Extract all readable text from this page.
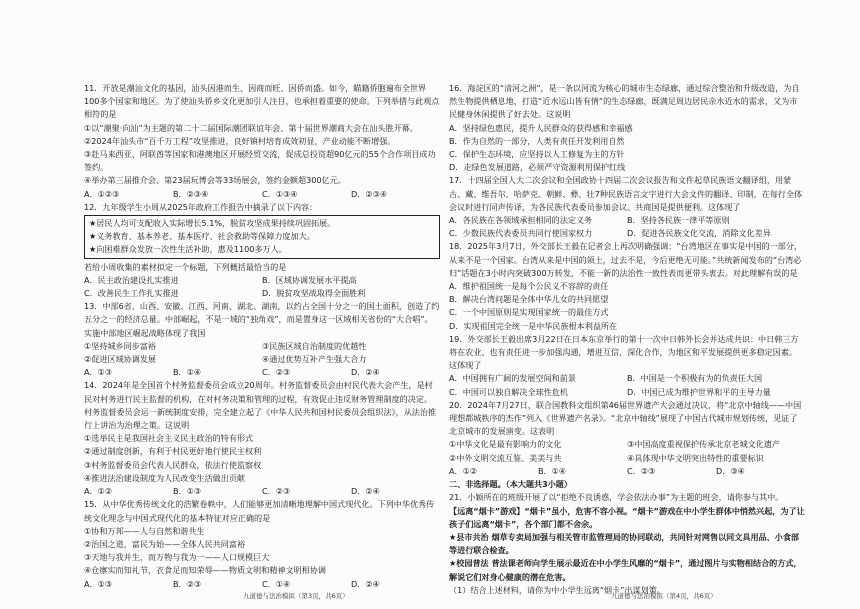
11．开放是潮汕文化的基因，汕头因港而生、因商而旺、因侨而盛。如今，瞄籍侨胞遍布全世界100多个国家和地区。为了使汕头侨乡文化更加引人注目，也承担着重要的使命。下列举措与此观点相符的是
①以“潮聚·向汕”为主题的第二十二届国际潮团联谊年会、第十届世界潮商大会在汕头胜开幕。
②2024年汕头市“百千万工程”攻坚推进，良好镇村培育成效初显，产业动能不断增强。
③赴马来西亚、阿联酋等国家和港澳地区开展经贸交流，促成总投资超90亿元的55个合作项目成功签约。
④举办第三届推介会、第23届玩博会等33场展会，签约金额超300亿元。
A．①②③	B．②③④	C．①③④	D．②③④
12．九年级学生小周从2025年政府工作报告中摘录了以下内容：
★居民人均可支配收入实际增长5.1%，脱贫攻坚成果持续巩固拓展。
★义务教育、基本养老、基本医疗、社会救助等保障力度加大。
★向困难群众发放一次性生活补助，惠及1100多万人。
若给小周收集的素材拟定一个标题，下列概括最恰当的是
A．民主政治建设扎实推进	B．区域协调发展水平提高
C．改善民生工作扎实推进	D．脱贫攻坚战取得全面胜利
13．中部6省，山西、安徽、江西、河南、湖北、湖南，以约占全国十分之一的国土面积，创造了约五分之一的经济总量。中部崛起，不是一域的“独角戏”，而是置身这一区域相关省份的“大合唱”。实施中部地区崛起战略体现了我国
①坚持城乡同步富裕	③民族区域自治制度的优越性
②促进区域协调发展	④通过优势互补产生强大合力
A．①③	B．①④	C．②③	D．②④
14．2024年是全国首个村务监督委员会成立20周年。村务监督委员会由村民代表大会产生，是村民对村务进行民主监督的机构，在对村务决策和管理的过程，有效促止违反财务管理制度的决定。村务监督委员会运一新统制度安排，完全建立起了《中华人民共和国村民委员会组织法》，从法治推行上讲治为治理之策。这说明
①选举民主是我国社会主义民主政治的特有形式
②通过制度创新，有利于村民更好地行使民主权利
③村务监督委员会代表人民群众，依法行使监察权
④推进法治建设制度为人民改变生活做出贡献
A．①②	B．①③	C．②③	D．②④
15．从中华优秀传统文化的浩繁卷帙中，人们能够更加清晰地理解中国式现代化。下列中华优秀传统文化理念与中国式现代化的基本特征对应正确的是
①协和万邦——人与自然和谐共生
②治国之道，富民为始——全体人民共同富裕
③天地与我并生，而万物与我为一——人口规模巨大
④仓廪实而知礼节，衣食足而知荣辱——物质文明和精神文明相协调
A．①③	B．②③	C．①④	D．②④
16．海淀区的“清河之洲”，是一条以河流为核心的城市生态绿廊，通过综合整治和升级改造，为自然生物提供栖息地，打造“近水远山皆有情”的生态绿廊，既满足周边居民亲水近水的需求，又为市民健身休闲提供了好去处。这说明
A．坚持绿色惠民，提升人民群众的获得感和幸福感
B．作为自然的一部分，人类有责任开发利用自然
C．保护生态环境，应坚持以人工修复为主的方针
D．走绿色发展道路，必须严守资源利用保护红线
17．十四届全国人大二次会议和全国政协十四届二次会议报告和文件起草民族语文翻译组，用蒙古、藏、维吾尔、哈萨克、朝鲜、彝、壮7种民族语言文字进行大会文件的翻译、印制，在每行全体会议时进行同声传译，为各民族代表委员参加会议、共商国是提供便利。这体现了
A．各民族在各领域承担相同的法定义务	B．坚持各民族一律平等原则
C．少数民族代表委员共同行使国家权力	D．促进各民族文化交流，消除文化差异
18．2025年3月7日，外交部长王毅在记者会上再次明确强调：“台湾地区在事实是中国的一部分，从来不是一个国家。台湾从来是中国的领土，过去不是，今后更绝无可能。”共统新闻发布的“台湾必归”话题在3小时内突破300万转发，不能一新的法治性一致性表而更带头衷去。对此理解有误的是
A．维护祖国统一是每个公民义不容辞的责任
B．解决台湾问题是全体中华儿女的共同愿望
C．一个中国原则是实现国家统一的最佳方式
D．实现祖国完全统一是中华民族根本利益所在
19．外交部长王毅出席3月22日在日本东京举行的第十一次中日韩外长会并达成共识：中日韩三方将在农业、也有责任进一步加强沟通，增进互信，深化合作，为地区和平发展提供更多稳定因素。这体现了
A．中国拥有广阔的发展空间和前景	B．中国是一个积极有为的负责任大国
C．中国可以独自解决全球性危机	D．中国已成为维护世界和平的主导力量
20．2024年7月27日，联合国教科文组织第46届世界遗产大会通过决议，将“北京中轴线——中国理想都城秩序的杰作”列入《世界遗产名录》。“北京中轴线”展现了中国古代城市规划传统，见证了北京城市的发展演变。这表明
①中华文化是最有影响力的文化	③中国高度重视保护传承北京老城文化遗产
②中外文明交流互鉴、美美与共	④具体现中华文明突出特性的重要标识
A．①②	B．①④	C．②③	D．③④
二、非选择题。（本大题共3小题）
21．小颖所在的班级开展了以“拒绝不良诱惑，学会依法办事”为主题的班会，请你参与其中。
【远离“烟卡”游戏】“烟卡”虽小，危害不容小视。“烟卡”游戏在中小学生群体中悄然兴起，为了让孩子们远离“烟卡”，各个部门都不舍余。
★县市共治 烟草专卖局加强与相关管市监管理局的协同联动，共同针对网售以同文具用品、小食部等进行联合检查。
★校园普法 普法课老师向学生展示最近在中小学生风靡的“烟卡”，通过图片与实物相结合的方式，解说它们对身心健康的潜在危害。
（1）结合上述材料，请你为中小学生远离“烟卡”出谋划策。
九道德与法治模拟（第3页，共6页）	九道德与法治模拟（第4页，共6页）
